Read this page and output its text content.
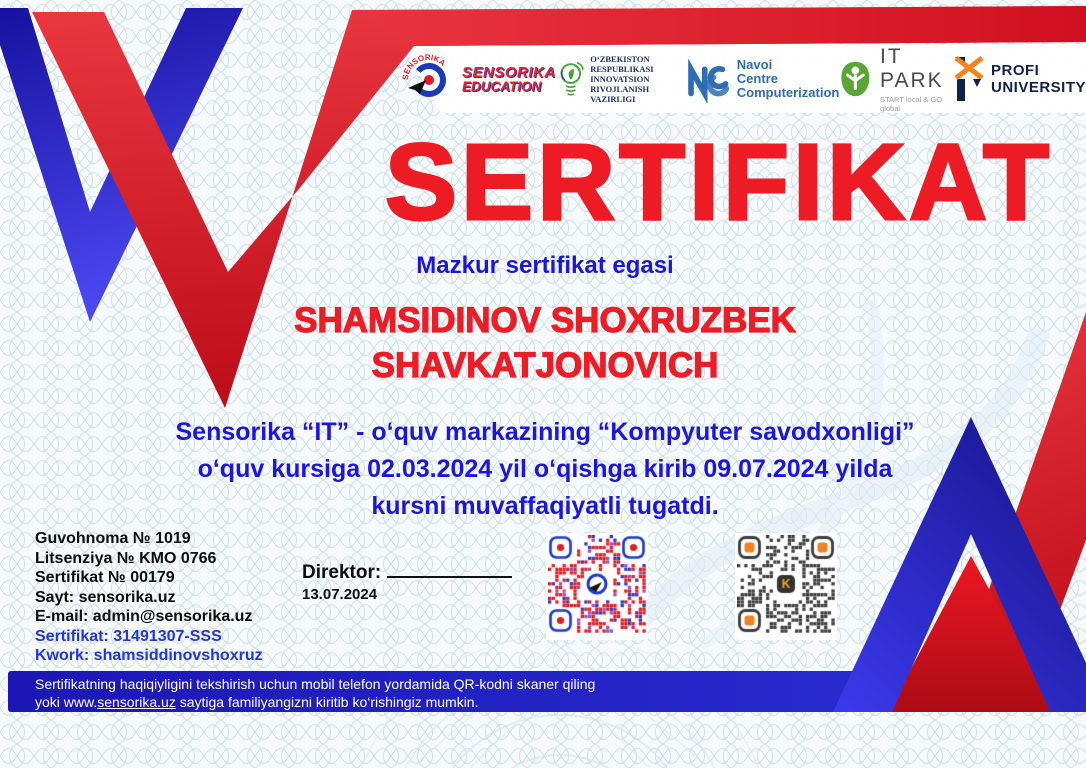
SENSORIKA
SENSORIKA
EDUCATION
O‘ZBEKISTON RESPUBLIKASI
INNOVATSION RIVOJLANISH
VAZIRLIGI
Navoi
Centre
Computerization
IT PARK
START local & GO global
PROFI
UNIVERSITY
SERTIFIKAT
Mazkur sertifikat egasi
SHAMSIDINOV SHOXRUZBEK
SHAVKATJONOVICH
Sensorika “IT” - o‘quv markazining “Kompyuter savodxonligi”
o‘quv kursiga 02.03.2024 yil o‘qishga kirib 09.07.2024 yilda
kursni muvaffaqiyatli tugatdi.
Guvohnoma № 1019
Litsenziya № KMO 0766
Sertifikat № 00179
Sayt: sensorika.uz
E-mail: admin@sensorika.uz
Sertifikat: 31491307-SSS
Kwork: shamsiddinovshoxruz
Direktor:
13.07.2024
Sertifikatning haqiqiyligini tekshirish uchun mobil telefon yordamida QR-kodni skaner qiling
yoki www.sensorika.uz saytiga familiyangizni kiritib ko‘rishingiz mumkin.
